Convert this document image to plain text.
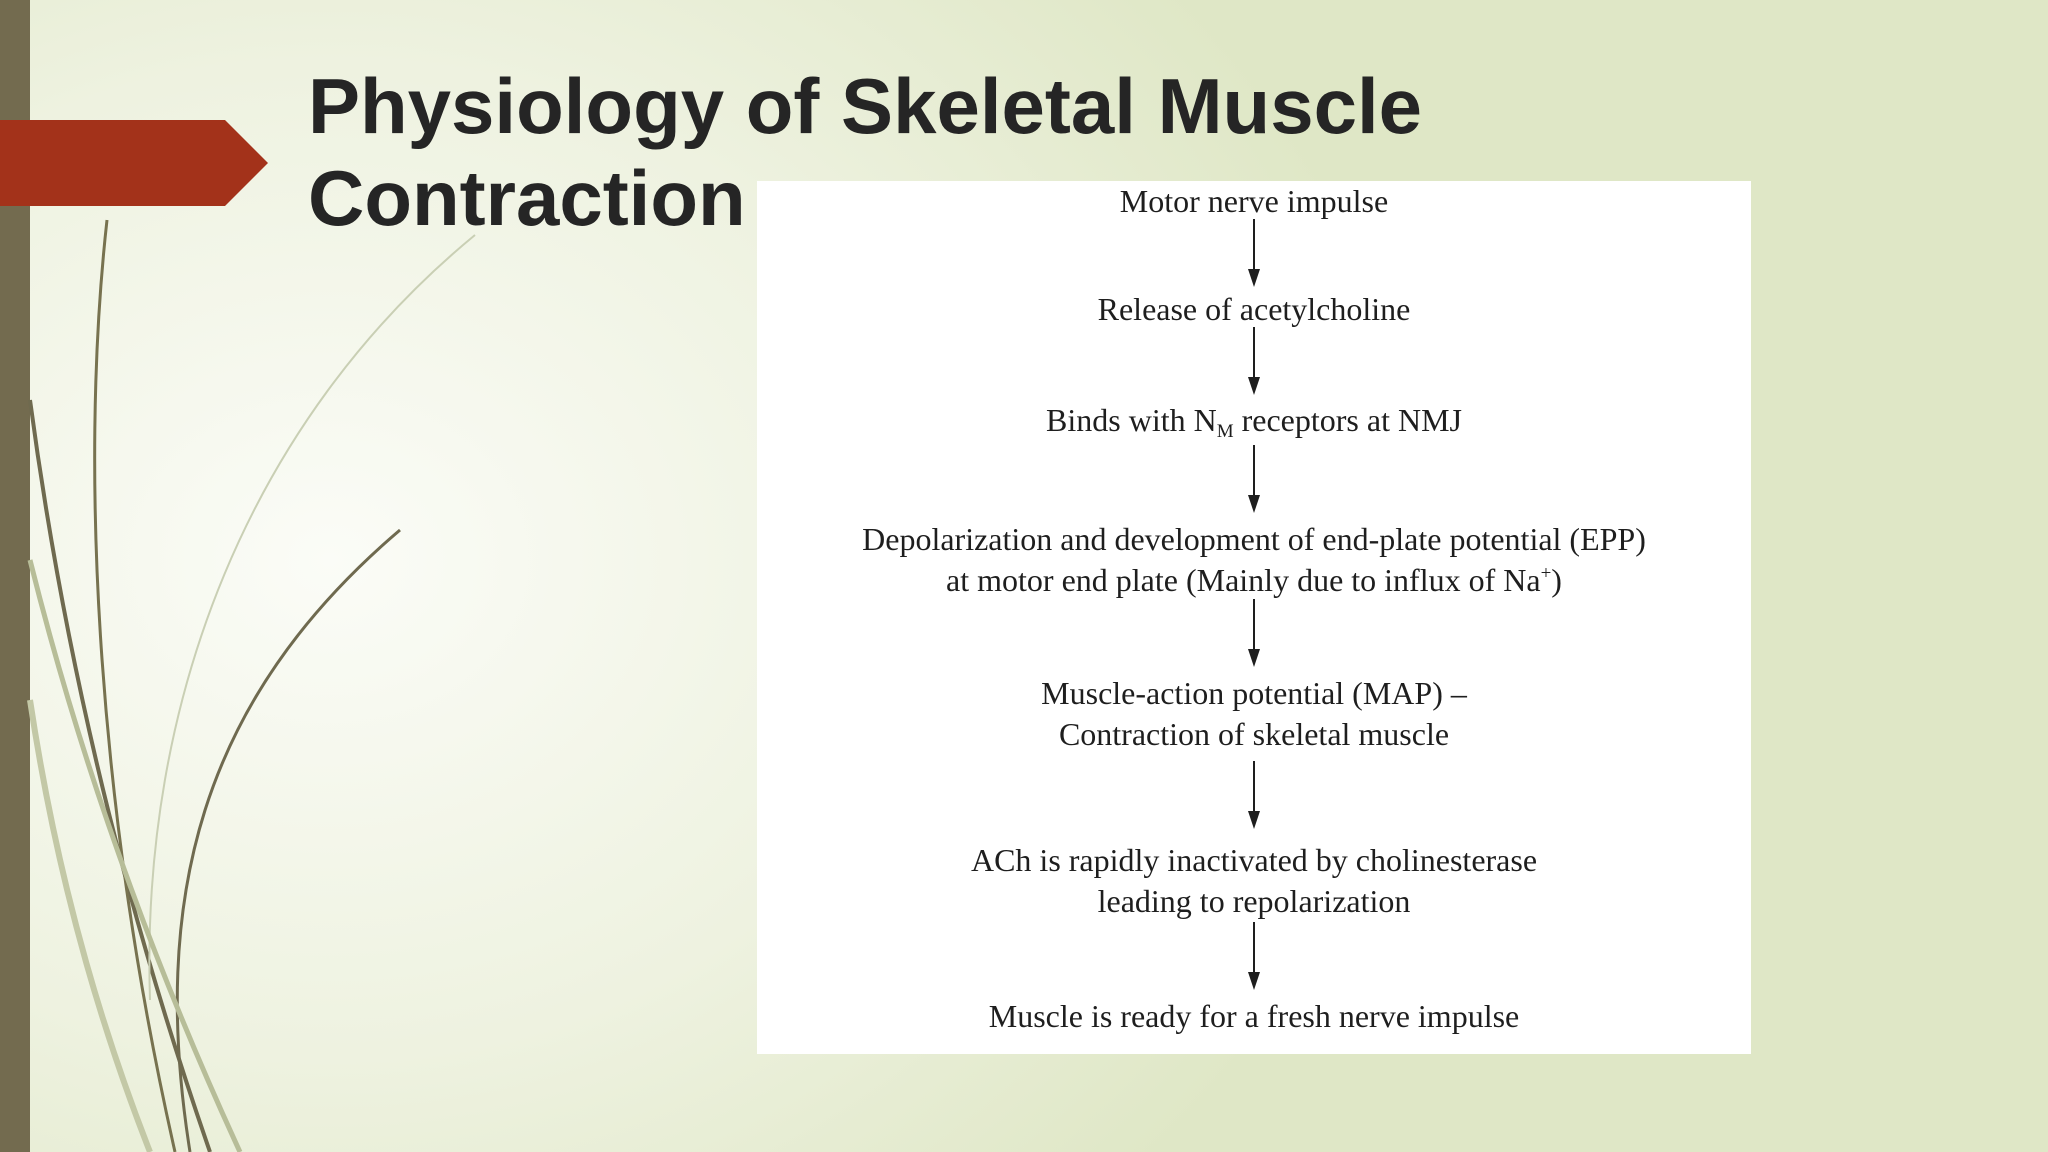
Physiology of Skeletal Muscle Contraction	Motor nerve impulse
Release of acetylcholine
Binds with $N_M$ receptors at NMJ
Depolarization and development of end-plate potential (EPP)
at motor end plate (Mainly due to influx of Na+)
Muscle-action potential (MAP) –
Contraction of skeletal muscle
ACh is rapidly inactivated by cholinesterase
leading to repolarization
Muscle is ready for a fresh nerve impulse
